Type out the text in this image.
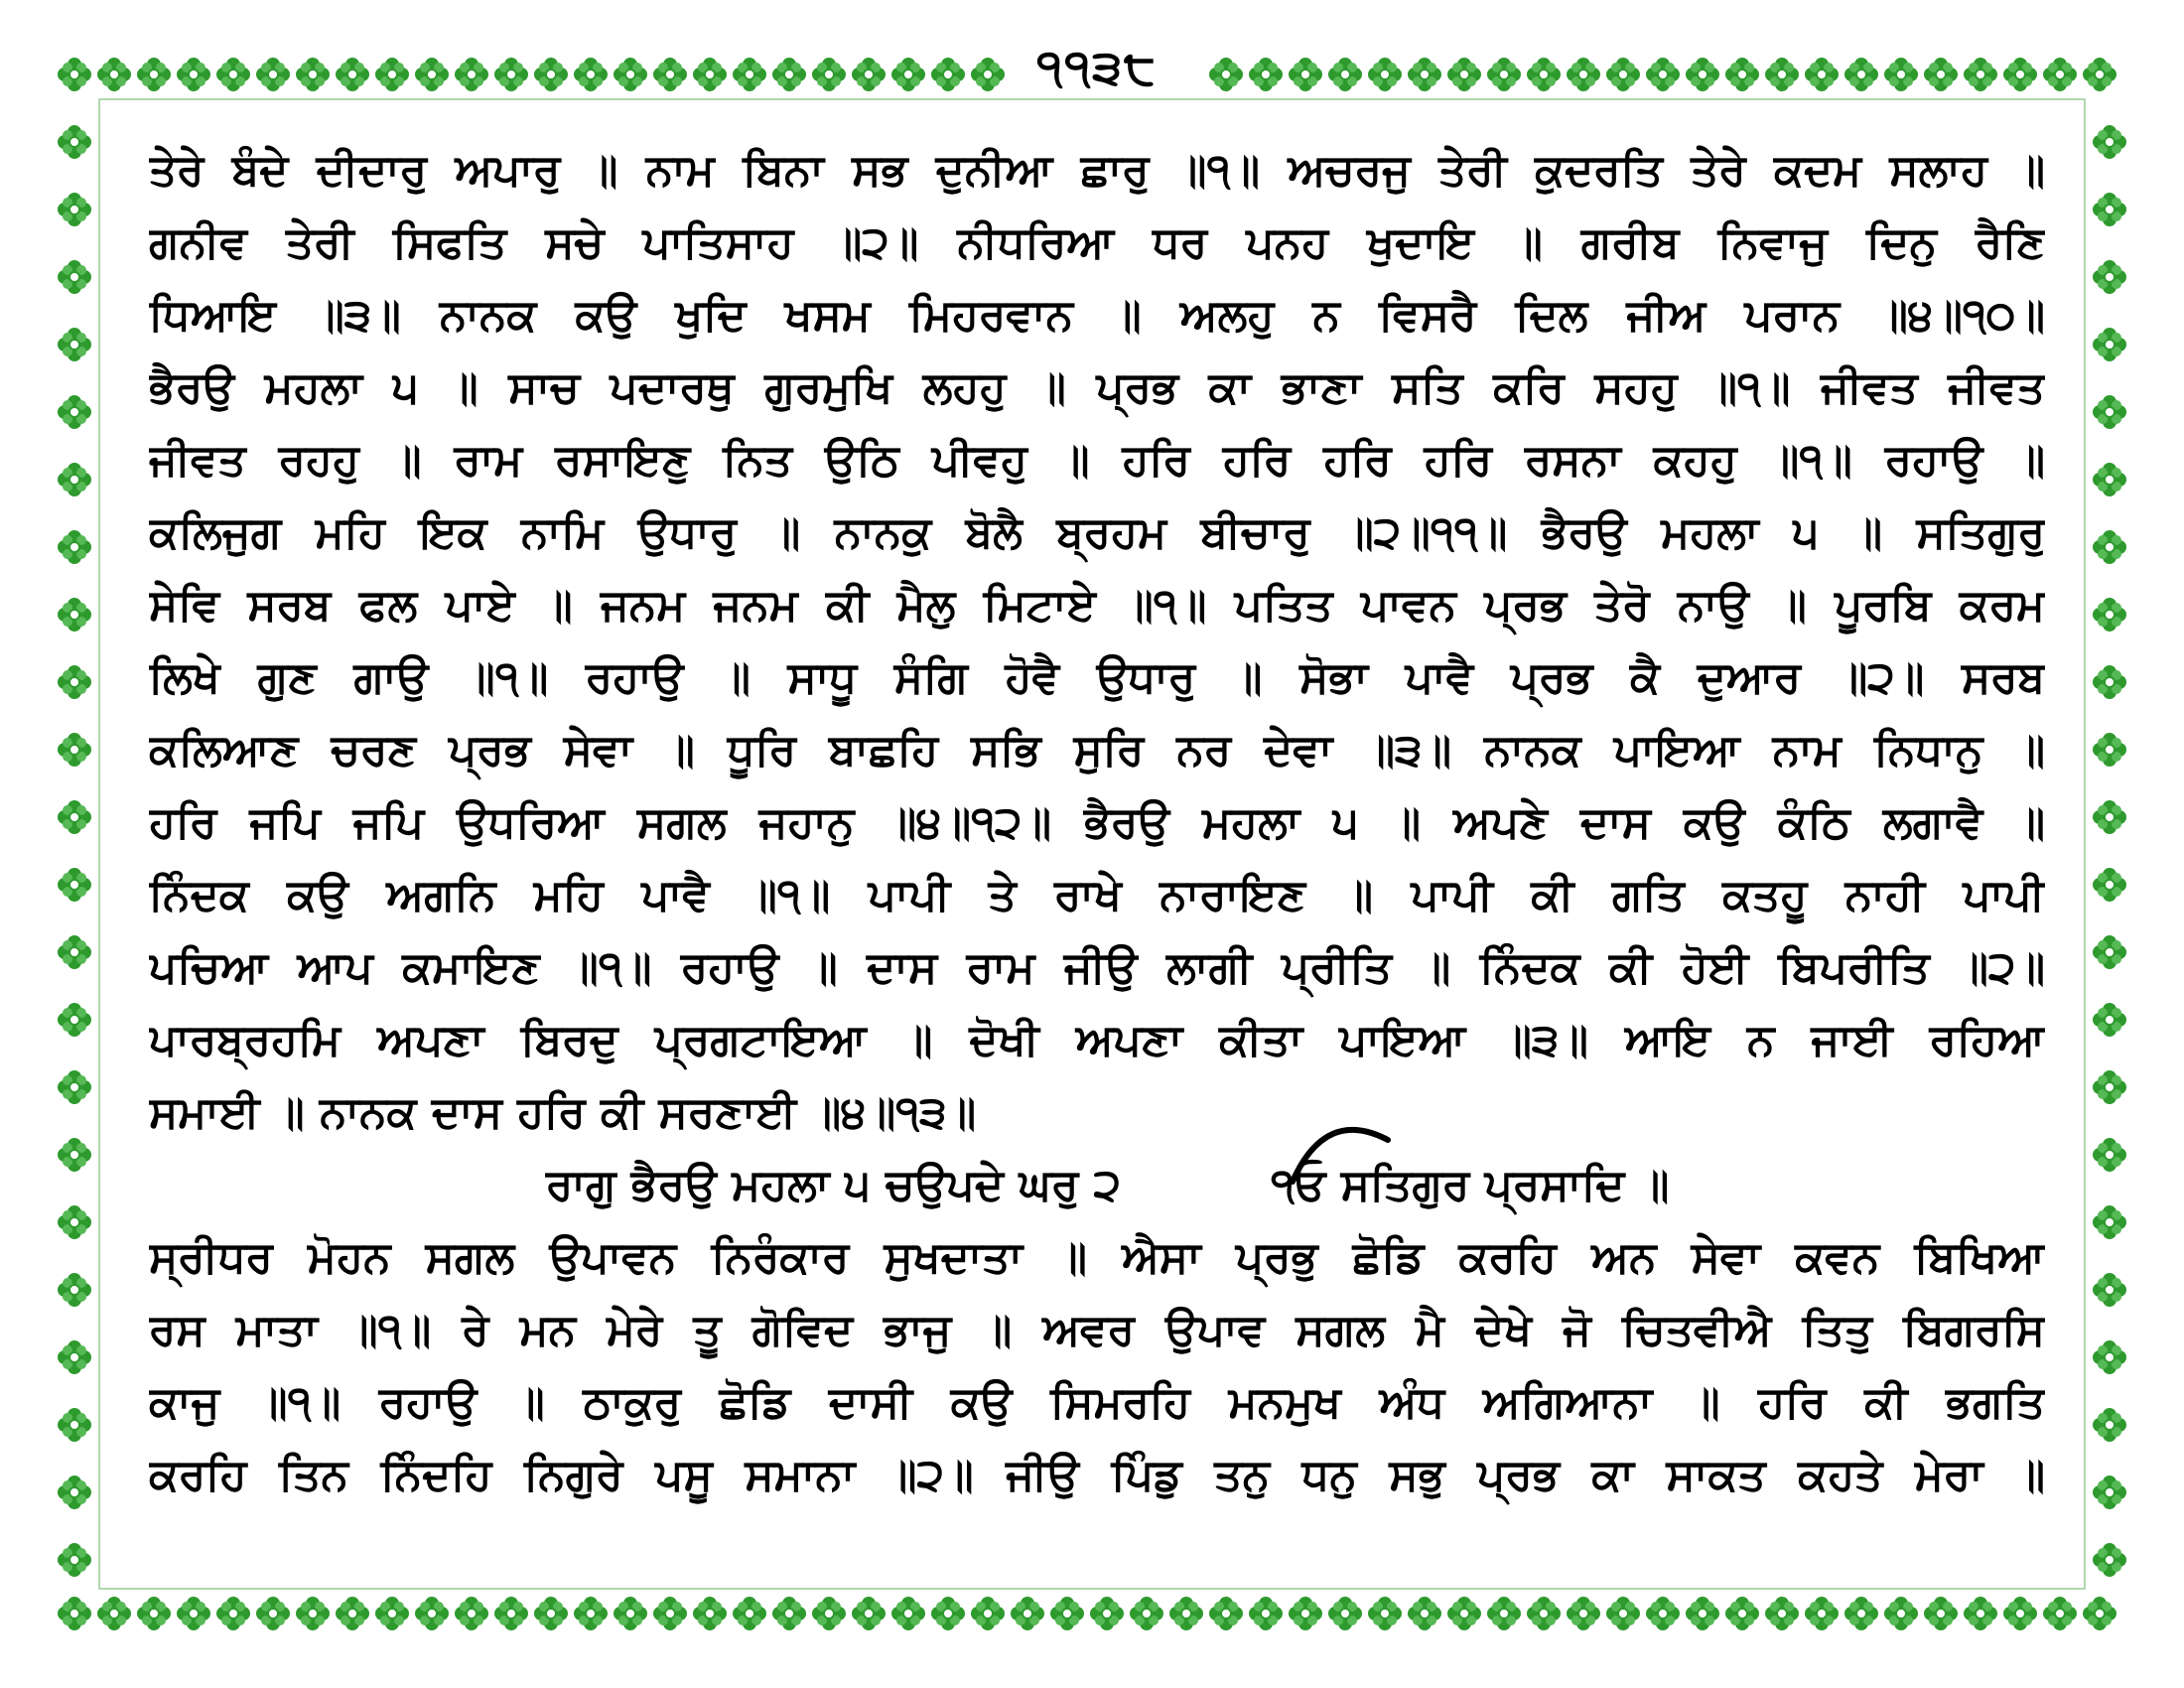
੧੧੩੮
ਤੇਰੇ ਬੰਦੇ ਦੀਦਾਰੁ ਅਪਾਰੁ ॥ ਨਾਮ ਬਿਨਾ ਸਭ ਦੁਨੀਆ ਛਾਰੁ ॥੧॥ ਅਚਰਜੁ ਤੇਰੀ ਕੁਦਰਤਿ ਤੇਰੇ ਕਦਮ ਸਲਾਹ ॥
ਗਨੀਵ ਤੇਰੀ ਸਿਫਤਿ ਸਚੇ ਪਾਤਿਸਾਹ ॥੨॥ ਨੀਧਰਿਆ ਧਰ ਪਨਹ ਖੁਦਾਇ ॥ ਗਰੀਬ ਨਿਵਾਜੁ ਦਿਨੁ ਰੈਣਿ
ਧਿਆਇ ॥੩॥ ਨਾਨਕ ਕਉ ਖੁਦਿ ਖਸਮ ਮਿਹਰਵਾਨ ॥ ਅਲਹੁ ਨ ਵਿਸਰੈ ਦਿਲ ਜੀਅ ਪਰਾਨ ॥੪॥੧੦॥
ਭੈਰਉ ਮਹਲਾ ੫ ॥ ਸਾਚ ਪਦਾਰਥੁ ਗੁਰਮੁਖਿ ਲਹਹੁ ॥ ਪ੍ਰਭ ਕਾ ਭਾਣਾ ਸਤਿ ਕਰਿ ਸਹਹੁ ॥੧॥ ਜੀਵਤ ਜੀਵਤ
ਜੀਵਤ ਰਹਹੁ ॥ ਰਾਮ ਰਸਾਇਣੁ ਨਿਤ ਉਠਿ ਪੀਵਹੁ ॥ ਹਰਿ ਹਰਿ ਹਰਿ ਹਰਿ ਰਸਨਾ ਕਹਹੁ ॥੧॥ ਰਹਾਉ ॥
ਕਲਿਜੁਗ ਮਹਿ ਇਕ ਨਾਮਿ ਉਧਾਰੁ ॥ ਨਾਨਕੁ ਬੋਲੈ ਬ੍ਰਹਮ ਬੀਚਾਰੁ ॥੨॥੧੧॥ ਭੈਰਉ ਮਹਲਾ ੫ ॥ ਸਤਿਗੁਰੁ
ਸੇਵਿ ਸਰਬ ਫਲ ਪਾਏ ॥ ਜਨਮ ਜਨਮ ਕੀ ਮੈਲੁ ਮਿਟਾਏ ॥੧॥ ਪਤਿਤ ਪਾਵਨ ਪ੍ਰਭ ਤੇਰੋ ਨਾਉ ॥ ਪੂਰਬਿ ਕਰਮ
ਲਿਖੇ ਗੁਣ ਗਾਉ ॥੧॥ ਰਹਾਉ ॥ ਸਾਧੂ ਸੰਗਿ ਹੋਵੈ ਉਧਾਰੁ ॥ ਸੋਭਾ ਪਾਵੈ ਪ੍ਰਭ ਕੈ ਦੁਆਰ ॥੨॥ ਸਰਬ
ਕਲਿਆਣ ਚਰਣ ਪ੍ਰਭ ਸੇਵਾ ॥ ਧੂਰਿ ਬਾਛਹਿ ਸਭਿ ਸੁਰਿ ਨਰ ਦੇਵਾ ॥੩॥ ਨਾਨਕ ਪਾਇਆ ਨਾਮ ਨਿਧਾਨੁ ॥
ਹਰਿ ਜਪਿ ਜਪਿ ਉਧਰਿਆ ਸਗਲ ਜਹਾਨੁ ॥੪॥੧੨॥ ਭੈਰਉ ਮਹਲਾ ੫ ॥ ਅਪਣੇ ਦਾਸ ਕਉ ਕੰਠਿ ਲਗਾਵੈ ॥
ਨਿੰਦਕ ਕਉ ਅਗਨਿ ਮਹਿ ਪਾਵੈ ॥੧॥ ਪਾਪੀ ਤੇ ਰਾਖੇ ਨਾਰਾਇਣ ॥ ਪਾਪੀ ਕੀ ਗਤਿ ਕਤਹੂ ਨਾਹੀ ਪਾਪੀ
ਪਚਿਆ ਆਪ ਕਮਾਇਣ ॥੧॥ ਰਹਾਉ ॥ ਦਾਸ ਰਾਮ ਜੀਉ ਲਾਗੀ ਪ੍ਰੀਤਿ ॥ ਨਿੰਦਕ ਕੀ ਹੋਈ ਬਿਪਰੀਤਿ ॥੨॥
ਪਾਰਬ੍ਰਹਮਿ ਅਪਣਾ ਬਿਰਦੁ ਪ੍ਰਗਟਾਇਆ ॥ ਦੋਖੀ ਅਪਣਾ ਕੀਤਾ ਪਾਇਆ ॥੩॥ ਆਇ ਨ ਜਾਈ ਰਹਿਆ
ਸਮਾਈ ॥ ਨਾਨਕ ਦਾਸ ਹਰਿ ਕੀ ਸਰਣਾਈ ॥੪॥੧੩॥
ਰਾਗੁ ਭੈਰਉ ਮਹਲਾ ੫ ਚਉਪਦੇ ਘਰੁ ੨	੧ਓ ਸਤਿਗੁਰ ਪ੍ਰਸਾਦਿ ॥
ਸ੍ਰੀਧਰ ਮੋਹਨ ਸਗਲ ਉਪਾਵਨ ਨਿਰੰਕਾਰ ਸੁਖਦਾਤਾ ॥ ਐਸਾ ਪ੍ਰਭੁ ਛੋਡਿ ਕਰਹਿ ਅਨ ਸੇਵਾ ਕਵਨ ਬਿਖਿਆ
ਰਸ ਮਾਤਾ ॥੧॥ ਰੇ ਮਨ ਮੇਰੇ ਤੂ ਗੋਵਿਦ ਭਾਜੁ ॥ ਅਵਰ ਉਪਾਵ ਸਗਲ ਮੈ ਦੇਖੇ ਜੋ ਚਿਤਵੀਐ ਤਿਤੁ ਬਿਗਰਸਿ
ਕਾਜੁ ॥੧॥ ਰਹਾਉ ॥ ਠਾਕੁਰੁ ਛੋਡਿ ਦਾਸੀ ਕਉ ਸਿਮਰਹਿ ਮਨਮੁਖ ਅੰਧ ਅਗਿਆਨਾ ॥ ਹਰਿ ਕੀ ਭਗਤਿ
ਕਰਹਿ ਤਿਨ ਨਿੰਦਹਿ ਨਿਗੁਰੇ ਪਸੂ ਸਮਾਨਾ ॥੨॥ ਜੀਉ ਪਿੰਡੁ ਤਨੁ ਧਨੁ ਸਭੁ ਪ੍ਰਭ ਕਾ ਸਾਕਤ ਕਹਤੇ ਮੇਰਾ ॥
